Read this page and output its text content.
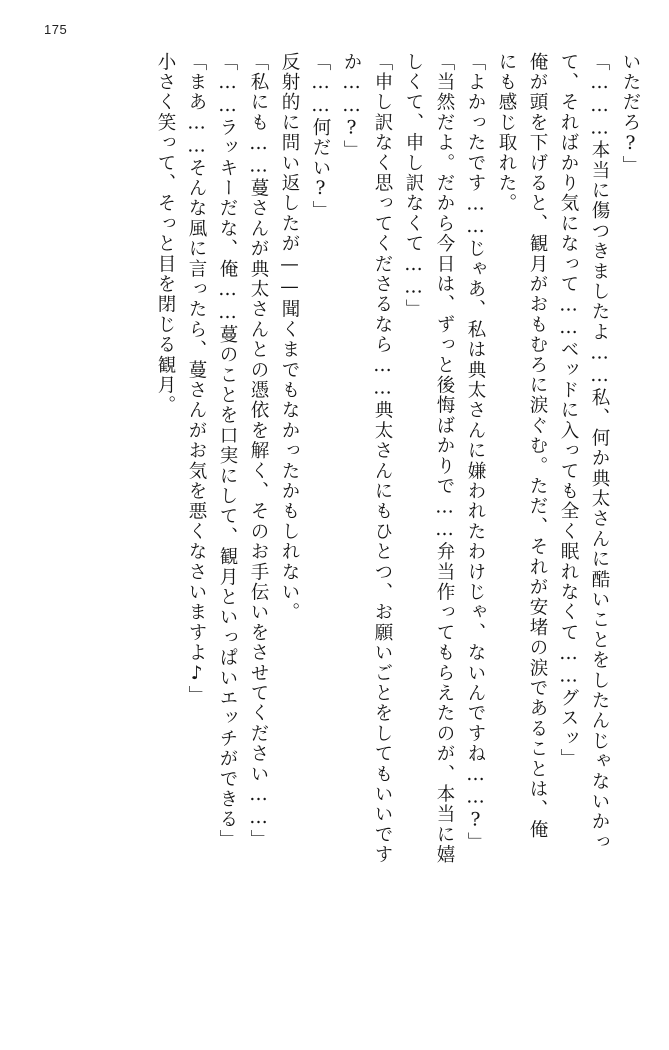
175
いただろ?」
「………本当に傷つきましたよ……私、何か典太さんに酷いことをしたんじゃないかっ
て、そればかり気になって……ベッドに入っても全く眠れなくて……グスッ」
俺が頭を下げると、観月がおもむろに涙ぐむ。ただ、それが安堵の涙であることは、俺
にも感じ取れた。
「よかったです……じゃあ、私は典太さんに嫌われたわけじゃ、ないんですね……?」
「当然だよ。だから今日は、ずっと後悔ばかりで……弁当作ってもらえたのが、本当に嬉
しくて、申し訳なくて……」
「申し訳なく思ってくださるなら……典太さんにもひとつ、お願いごとをしてもいいです
か……?」
「……何だい?」
反射的に問い返したが——聞くまでもなかったかもしれない。
「私にも……蔓さんが典太さんとの憑依を解く、そのお手伝いをさせてください……」
「……ラッキーだな、俺……蔓のことを口実にして、観月といっぱいエッチができる」
「まあ……そんな風に言ったら、蔓さんがお気を悪くなさいますよ♪」
小さく笑って、そっと目を閉じる観月。
